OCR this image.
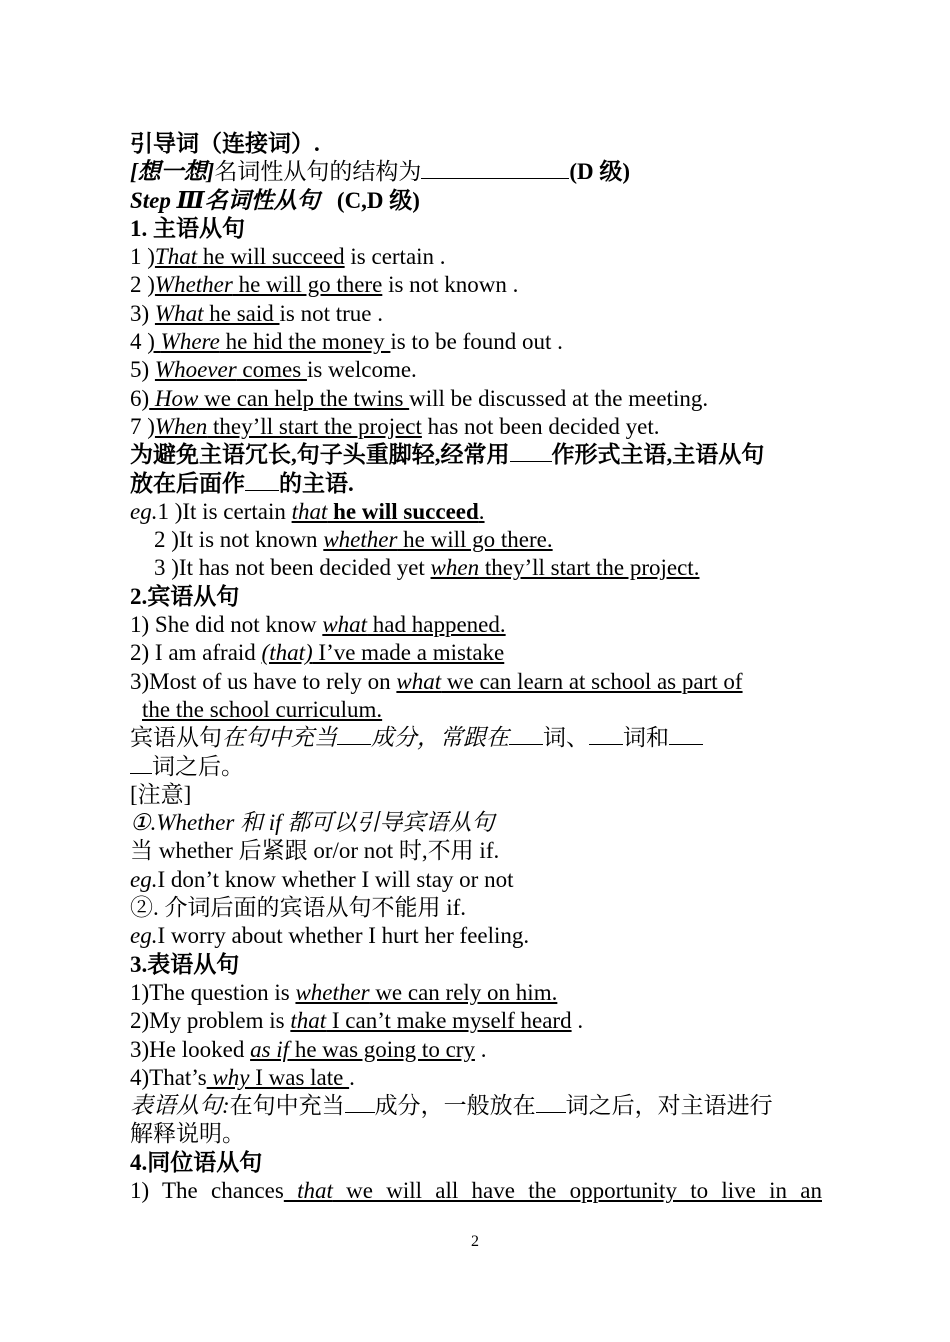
引导词（连接词）.
[想一想]名词性从句的结构为	(D 级)
Step Ⅲ名词性从句 (C,D 级)
1. 主语从句
1 )That he will succeed is certain .
2 )Whether he will go there is not known .
3) What he said is not true .
4 ) Where he hid the money is to be found out .
5) Whoever comes is welcome.
6) How we can help the twins will be discussed at the meeting.
7 )When they’ll start the project has not been decided yet.
为避免主语冗长,句子头重脚轻,经常用 作形式主语,主语从句
放在后面作 的主语.
eg.1 )It is certain that he will succeed.
2 )It is not known whether he will go there.
3 )It has not been decided yet when they’ll start the project.
2.宾语从句
1) She did not know what had happened.
2) I am afraid (that) I’ve made a mistake
3)Most of us have to rely on what we can learn at school as part of
the the school curriculum.
宾语从句在句中充当 成分，常跟在 词、 词和
词之后。
[注意]
①.Whether 和 if 都可以引导宾语从句
当 whether 后紧跟 or/or not 时,不用 if.
eg.I don’t know whether I will stay or not
②. 介词后面的宾语从句不能用 if.
eg.I worry about whether I hurt her feeling.
3.表语从句
1)The question is whether we can rely on him.
2)My problem is that I can’t make myself heard .
3)He looked as if he was going to cry .
4)That’s why I was late .
表语从句:在句中充当 成分，一般放在 词之后，对主语进行
解释说明。
4.同位语从句
1) The chances that we will all have the opportunity to live in an
2
